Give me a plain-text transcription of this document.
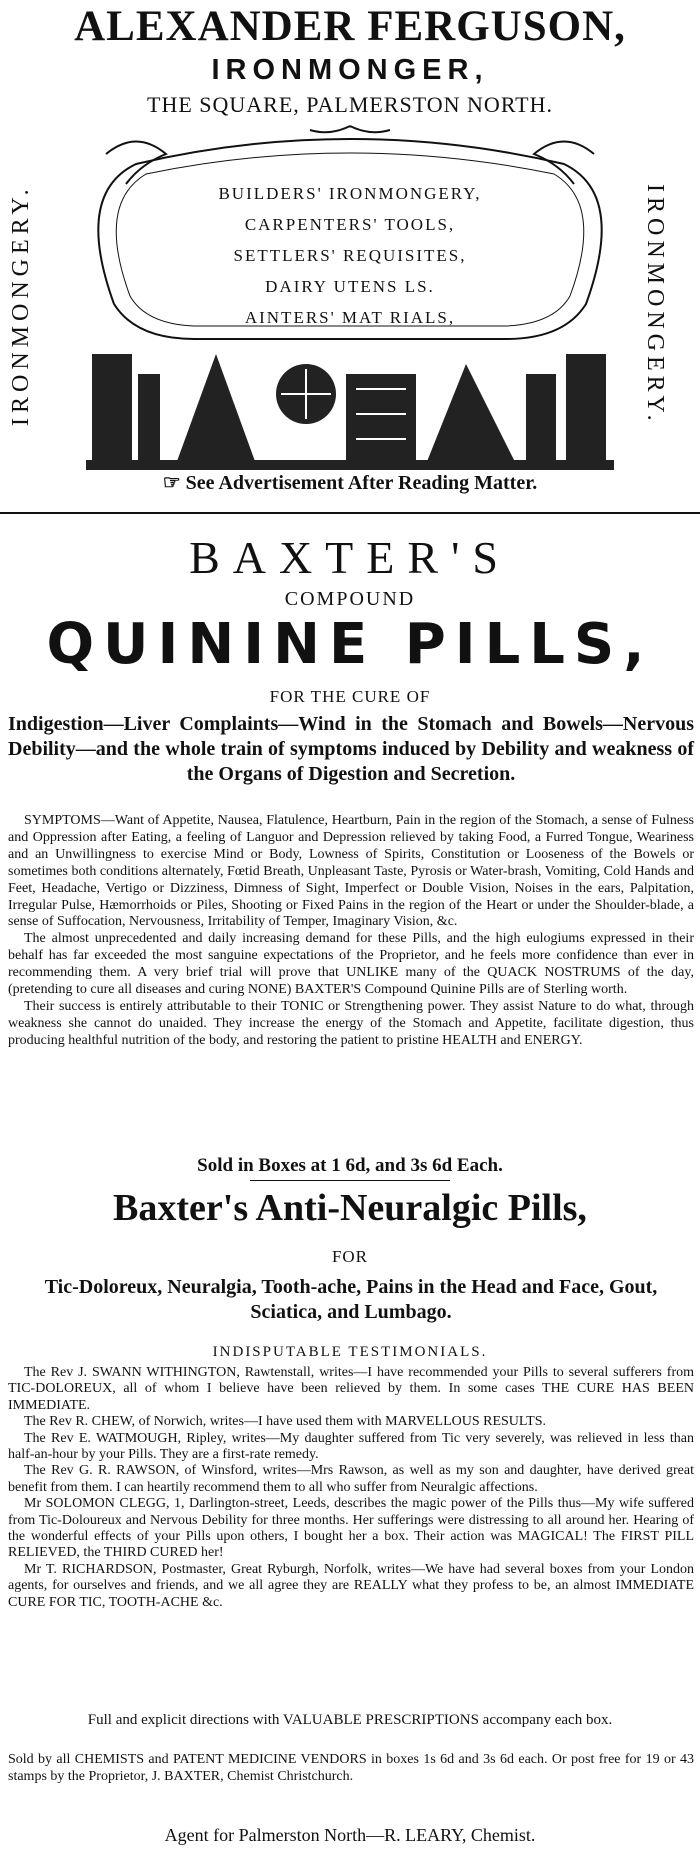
ALEXANDER FERGUSON,
IRONMONGER,
THE SQUARE, PALMERSTON NORTH.
IRONMONGERY.	IRONMONGERY.
BUILDERS' IRONMONGERY,
CARPENTERS' TOOLS,
SETTLERS' REQUISITES,
DAIRY UTENS LS.
AINTERS' MAT RIALS,
☞ See Advertisement After Reading Matter.
BAXTER'S
COMPOUND
QUININE PILLS,
FOR THE CURE OF
Indigestion—Liver Complaints—Wind in the Stomach and Bowels—Nervous Debility—and the whole train of symptoms induced by Debility and weakness of the Organs of Digestion and Secretion.

SYMPTOMS—Want of Appetite, Nausea, Flatulence, Heartburn, Pain in the region of the Stomach, a sense of Fulness and Oppression after Eating, a feeling of Languor and Depression relieved by taking Food, a Furred Tongue, Weariness and an Unwillingness to exercise Mind or Body, Lowness of Spirits, Constitution or Looseness of the Bowels or sometimes both conditions alternately, Fœtid Breath, Unpleasant Taste, Pyrosis or Water-brash, Vomiting, Cold Hands and Feet, Headache, Vertigo or Dizziness, Dimness of Sight, Imperfect or Double Vision, Noises in the ears, Palpitation, Irregular Pulse, Hæmorrhoids or Piles, Shooting or Fixed Pains in the region of the Heart or under the Shoulder-blade, a sense of Suffocation, Nervousness, Irritability of Temper, Imaginary Vision, &c.

The almost unprecedented and daily increasing demand for these Pills, and the high eulogiums expressed in their behalf has far exceeded the most sanguine expectations of the Proprietor, and he feels more confidence than ever in recommending them. A very brief trial will prove that UNLIKE many of the QUACK NOSTRUMS of the day, (pretending to cure all diseases and curing NONE) BAXTER'S Compound Quinine Pills are of Sterling worth.

Their success is entirely attributable to their TONIC or Strengthening power. They assist Nature to do what, through weakness she cannot do unaided. They increase the energy of the Stomach and Appetite, facilitate digestion, thus producing healthful nutrition of the body, and restoring the patient to pristine HEALTH and ENERGY.

Sold in Boxes at 1 6d, and 3s 6d Each.
Baxter's Anti-Neuralgic Pills,
FOR
Tic-Doloreux, Neuralgia, Tooth-ache, Pains in the Head and Face, Gout, Sciatica, and Lumbago.
INDISPUTABLE TESTIMONIALS.

The Rev J. SWANN WITHINGTON, Rawtenstall, writes—I have recommended your Pills to several sufferers from TIC-DOLOREUX, all of whom I believe have been relieved by them. In some cases THE CURE HAS BEEN IMMEDIATE.

The Rev R. CHEW, of Norwich, writes—I have used them with MARVELLOUS RESULTS.

The Rev E. WATMOUGH, Ripley, writes—My daughter suffered from Tic very severely, was relieved in less than half-an-hour by your Pills. They are a first-rate remedy.

The Rev G. R. RAWSON, of Winsford, writes—Mrs Rawson, as well as my son and daughter, have derived great benefit from them. I can heartily recommend them to all who suffer from Neuralgic affections.

Mr SOLOMON CLEGG, 1, Darlington-street, Leeds, describes the magic power of the Pills thus—My wife suffered from Tic-Doloureux and Nervous Debility for three months. Her sufferings were distressing to all around her. Hearing of the wonderful effects of your Pills upon others, I bought her a box. Their action was MAGICAL! The FIRST PILL RELIEVED, the THIRD CURED her!

Mr T. RICHARDSON, Postmaster, Great Ryburgh, Norfolk, writes—We have had several boxes from your London agents, for ourselves and friends, and we all agree they are REALLY what they profess to be, an almost IMMEDIATE CURE FOR TIC, TOOTH-ACHE &c.

Full and explicit directions with VALUABLE PRESCRIPTIONS accompany each box.
Sold by all CHEMISTS and PATENT MEDICINE VENDORS in boxes 1s 6d and 3s 6d each. Or post free for 19 or 43 stamps by the Proprietor, J. BAXTER, Chemist Christchurch.
Agent for Palmerston North—R. LEARY, Chemist.
